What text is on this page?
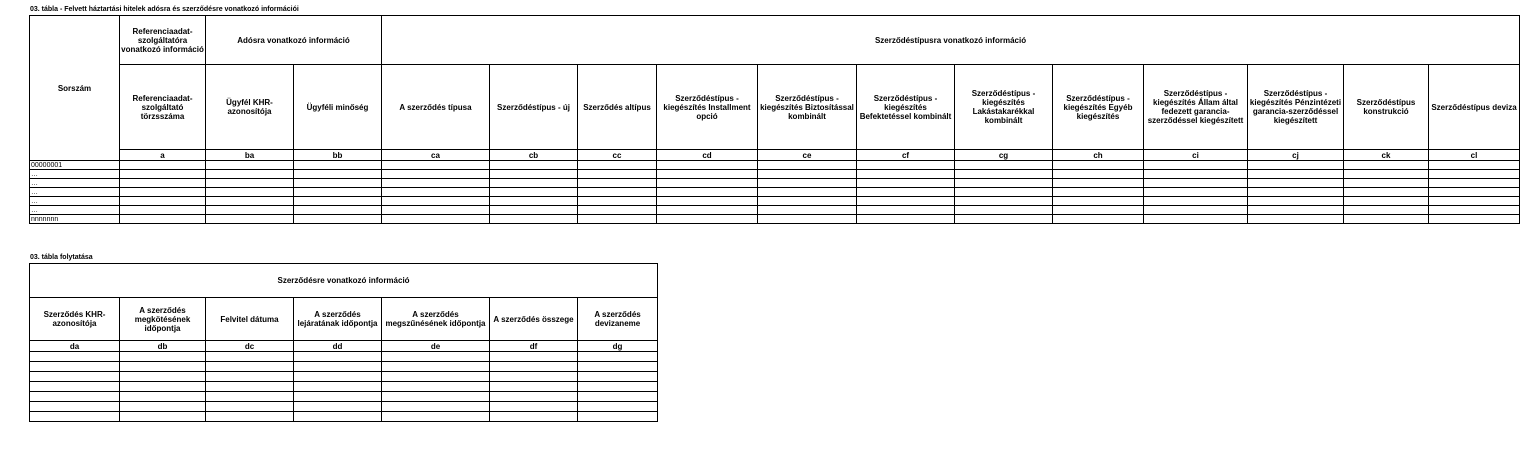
03. tábla - Felvett háztartási hitelek adósra és szerződésre vonatkozó információi
Sorszám	Referenciaadat-szolgáltatóra vonatkozó információ	Adósra vonatkozó információ		Szerződéstípusra vonatkozó információ											
	Referenciaadat-szolgáltató törzsszáma	Ügyfél KHR-azonosítója	Ügyféli minőség	A szerződés típusa	Szerződéstípus - új	Szerződés altípus	Szerződéstípus - kiegészítés Installment opció	Szerződéstípus - kiegészítés Biztosítással kombinált	Szerződéstípus - kiegészítés Befektetéssel kombinált	Szerződéstípus - kiegészítés Lakástakarékkal kombinált	Szerződéstípus - kiegészítés Egyéb kiegészítés	Szerződéstípus - kiegészítés Állam által fedezett garancia-szerződéssel kiegészített	Szerződéstípus - kiegészítés Pénzintézeti garancia-szerződéssel kiegészített	Szerződéstípus konstrukció	Szerződéstípus deviza
	a	ba	bb	ca	cb	cc	cd	ce	cf	cg	ch	ci	cj	ck	cl
00000001															
…															
…															
…															
…															
…															
nnnnnnn															
03. tábla folytatása
Szerződésre vonatkozó információ						
Szerződés KHR-azonosítója	A szerződés megkötésének időpontja	Felvitel dátuma	A szerződés lejáratának időpontja	A szerződés megszűnésének időpontja	A szerződés összege	A szerződés devizaneme
da	db	dc	dd	de	df	dg
